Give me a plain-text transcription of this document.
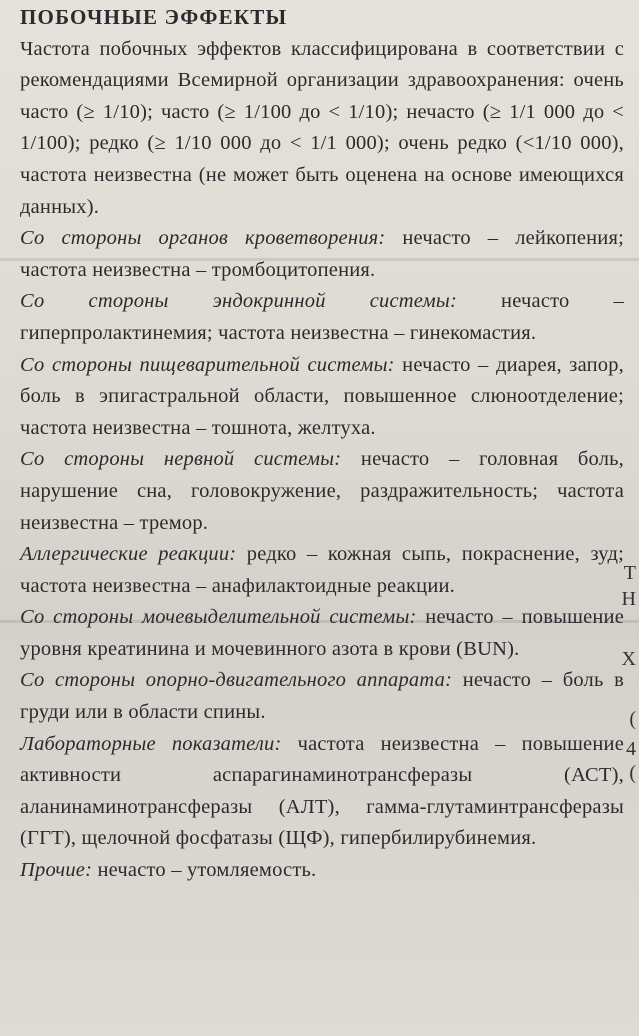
ПОБОЧНЫЕ ЭФФЕКТЫ

Частота побочных эффектов классифицирована в соответствии с рекомендациями Всемирной организации здравоохранения: очень часто (≥ 1/10); часто (≥ 1/100 до < 1/10); нечасто (≥ 1/1 000 до < 1/100); редко (≥ 1/10 000 до < 1/1 000); очень редко (<1/10 000), частота неизвестна (не может быть оценена на основе имеющихся данных).

Со стороны органов кроветворения: нечасто – лейкопения; частота неизвестна – тромбоцитопения.

Со стороны эндокринной системы: нечасто – гиперпролактинемия; частота неизвестна – гинекомастия.

Со стороны пищеварительной системы: нечасто – диарея, запор, боль в эпигастральной области, повышенное слюноотделение; частота неизвестна – тошнота, желтуха.

Со стороны нервной системы: нечасто – головная боль, нарушение сна, головокружение, раздражительность; частота неизвестна – тремор.

Аллергические реакции: редко – кожная сыпь, покраснение, зуд; частота неизвестна – анафилактоидные реакции.

Со стороны мочевыделительной системы: нечасто – повышение уровня креатинина и мочевинного азота в крови (BUN).

Со стороны опорно-двигательного аппарата: нечасто – боль в груди или в области спины.

Лабораторные показатели: частота неизвестна – повышение активности аспарагинаминотрансферазы (АСТ), аланинаминотрансферазы (АЛТ), гамма-глутаминтрансферазы (ГГТ), щелочной фосфатазы (ЩФ), гипербилирубинемия.

Прочие: нечасто – утомляемость.

Т
Н
Х
(
4
(
